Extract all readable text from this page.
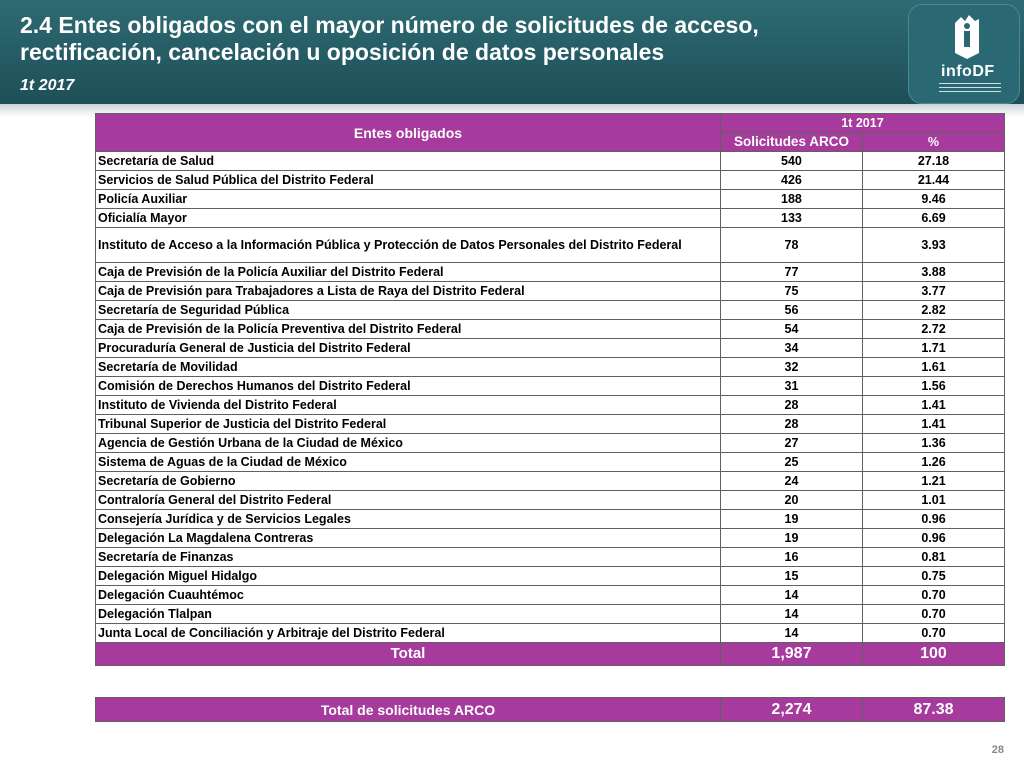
2.4 Entes obligados con el mayor número de solicitudes de acceso, rectificación, cancelación u oposición de datos personales
1t 2017
infoDF
Entes obligados	1t 2017	
	Solicitudes ARCO	%
Secretaría de Salud	540	27.18
Servicios de Salud Pública del Distrito Federal	426	21.44
Policía Auxiliar	188	9.46
Oficialía Mayor	133	6.69
Instituto de Acceso a la Información Pública y Protección de Datos Personales del Distrito Federal	78	3.93
Caja de Previsión de la Policía Auxiliar del Distrito Federal	77	3.88
Caja de Previsión para Trabajadores a Lista de Raya del Distrito Federal	75	3.77
Secretaría de Seguridad Pública	56	2.82
Caja de Previsión de la Policía Preventiva del Distrito Federal	54	2.72
Procuraduría General de Justicia del Distrito Federal	34	1.71
Secretaría de Movilidad	32	1.61
Comisión de Derechos Humanos del Distrito Federal	31	1.56
Instituto de Vivienda del Distrito Federal	28	1.41
Tribunal Superior de Justicia del Distrito Federal	28	1.41
Agencia de Gestión Urbana de la Ciudad de México	27	1.36
Sistema de Aguas de la Ciudad de México	25	1.26
Secretaría de Gobierno	24	1.21
Contraloría General del Distrito Federal	20	1.01
Consejería Jurídica y de Servicios Legales	19	0.96
Delegación La Magdalena Contreras	19	0.96
Secretaría de Finanzas	16	0.81
Delegación Miguel Hidalgo	15	0.75
Delegación Cuauhtémoc	14	0.70
Delegación Tlalpan	14	0.70
Junta Local de Conciliación y Arbitraje del Distrito Federal	14	0.70
Total	1,987	100
Total de solicitudes ARCO	2,274	87.38
28
